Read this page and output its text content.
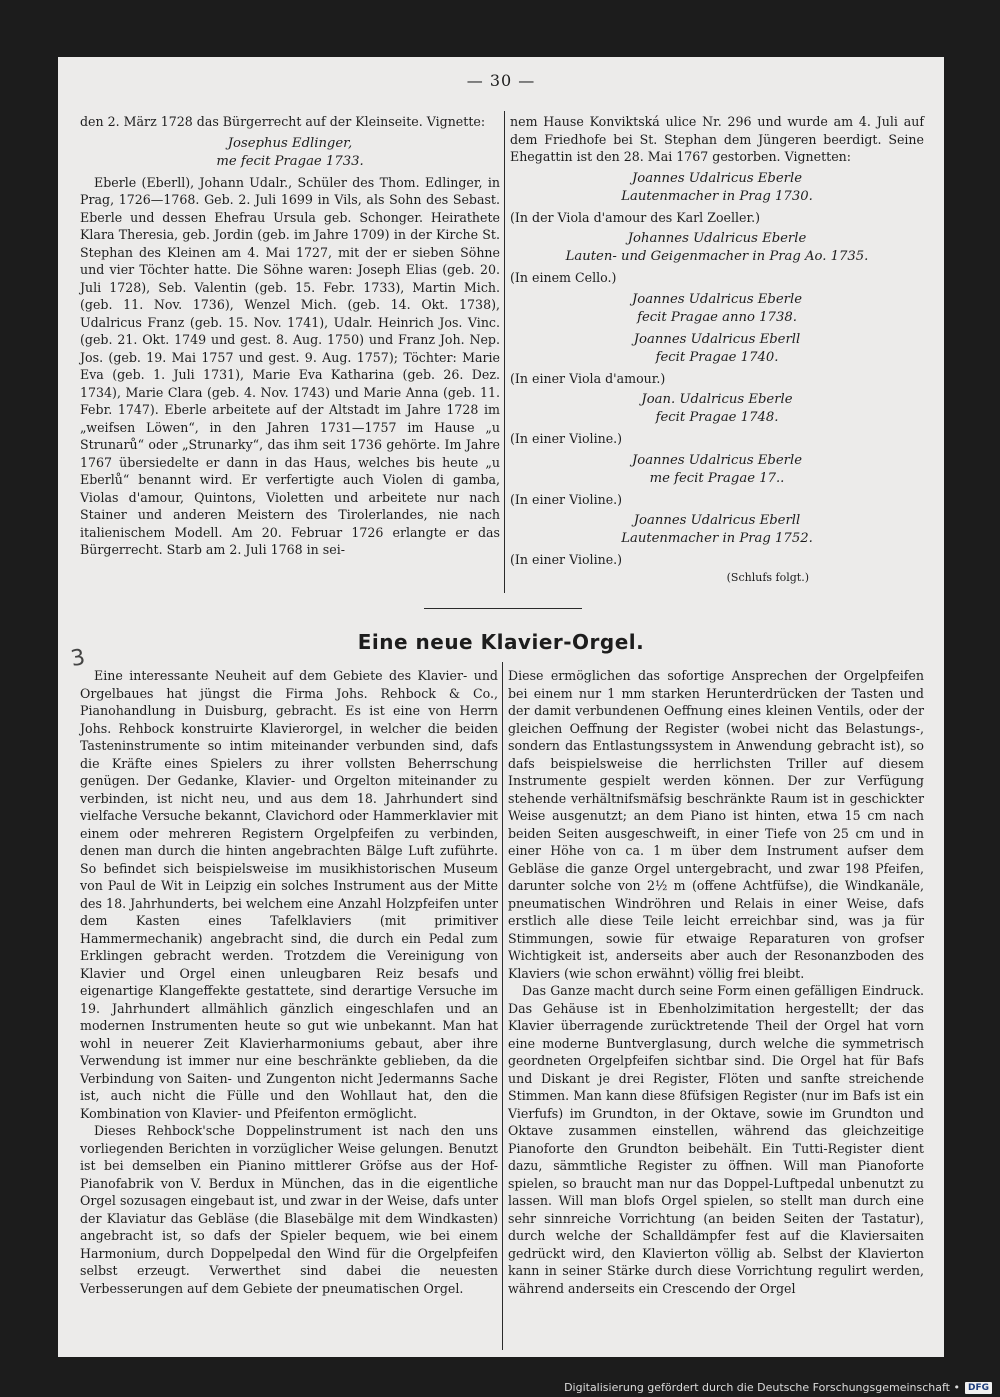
— 30 —

den 2. März 1728 das Bürgerrecht auf der Kleinseite. Vignette:

Josephus Edlinger,
me fecit Pragae 1733.

Eberle (Eberll), Johann Udalr., Schüler des Thom. Edlinger, in Prag, 1726—1768. Geb. 2. Juli 1699 in Vils, als Sohn des Sebast. Eberle und dessen Ehefrau Ursula geb. Schonger. Heirathete Klara Theresia, geb. Jordin (geb. im Jahre 1709) in der Kirche St. Stephan des Kleinen am 4. Mai 1727, mit der er sieben Söhne und vier Töchter hatte. Die Söhne waren: Joseph Elias (geb. 20. Juli 1728), Seb. Valentin (geb. 15. Febr. 1733), Martin Mich. (geb. 11. Nov. 1736), Wenzel Mich. (geb. 14. Okt. 1738), Udalricus Franz (geb. 15. Nov. 1741), Udalr. Heinrich Jos. Vinc. (geb. 21. Okt. 1749 und gest. 8. Aug. 1750) und Franz Joh. Nep. Jos. (geb. 19. Mai 1757 und gest. 9. Aug. 1757); Töchter: Marie Eva (geb. 1. Juli 1731), Marie Eva Katharina (geb. 26. Dez. 1734), Marie Clara (geb. 4. Nov. 1743) und Marie Anna (geb. 11. Febr. 1747). Eberle arbeitete auf der Altstadt im Jahre 1728 im „weifsen Löwen“, in den Jahren 1731—1757 im Hause „u Strunarů“ oder „Strunarky“, das ihm seit 1736 gehörte. Im Jahre 1767 übersiedelte er dann in das Haus, welches bis heute „u Eberlů“ benannt wird. Er verfertigte auch Violen di gamba, Violas d'amour, Quintons, Violetten und arbeitete nur nach Stainer und anderen Meistern des Tirolerlandes, nie nach italienischem Modell. Am 20. Februar 1726 erlangte er das Bürgerrecht. Starb am 2. Juli 1768 in sei-

nem Hause Konviktská ulice Nr. 296 und wurde am 4. Juli auf dem Friedhofe bei St. Stephan dem Jüngeren beerdigt. Seine Ehegattin ist den 28. Mai 1767 gestorben. Vignetten:

Joannes Udalricus Eberle
Lautenmacher in Prag 1730.

(In der Viola d'amour des Karl Zoeller.)

Johannes Udalricus Eberle
Lauten- und Geigenmacher in Prag Ao. 1735.

(In einem Cello.)

Joannes Udalricus Eberle
fecit Pragae anno 1738.
Joannes Udalricus Eberll
fecit Pragae 1740.

(In einer Viola d'amour.)

Joan. Udalricus Eberle
fecit Pragae 1748.

(In einer Violine.)

Joannes Udalricus Eberle
me fecit Pragae 17..

(In einer Violine.)

Joannes Udalricus Eberll
Lautenmacher in Prag 1752.

(In einer Violine.)

(Schlufs folgt.)

3
Eine neue Klavier-Orgel.

Eine interessante Neuheit auf dem Gebiete des Klavier- und Orgelbaues hat jüngst die Firma Johs. Rehbock & Co., Pianohandlung in Duisburg, gebracht. Es ist eine von Herrn Johs. Rehbock konstruirte Klavierorgel, in welcher die beiden Tasteninstrumente so intim miteinander verbunden sind, dafs die Kräfte eines Spielers zu ihrer vollsten Beherrschung genügen. Der Gedanke, Klavier- und Orgelton miteinander zu verbinden, ist nicht neu, und aus dem 18. Jahrhundert sind vielfache Versuche bekannt, Clavichord oder Hammerklavier mit einem oder mehreren Registern Orgelpfeifen zu verbinden, denen man durch die hinten angebrachten Bälge Luft zuführte. So befindet sich beispielsweise im musikhistorischen Museum von Paul de Wit in Leipzig ein solches Instrument aus der Mitte des 18. Jahrhunderts, bei welchem eine Anzahl Holzpfeifen unter dem Kasten eines Tafelklaviers (mit primitiver Hammermechanik) angebracht sind, die durch ein Pedal zum Erklingen gebracht werden. Trotzdem die Vereinigung von Klavier und Orgel einen unleugbaren Reiz besafs und eigenartige Klangeffekte gestattete, sind derartige Versuche im 19. Jahrhundert allmählich gänzlich eingeschlafen und an modernen Instrumenten heute so gut wie unbekannt. Man hat wohl in neuerer Zeit Klavierharmoniums gebaut, aber ihre Verwendung ist immer nur eine beschränkte geblieben, da die Verbindung von Saiten- und Zungenton nicht Jedermanns Sache ist, auch nicht die Fülle und den Wohllaut hat, den die Kombination von Klavier- und Pfeifenton ermöglicht.

Dieses Rehbock'sche Doppelinstrument ist nach den uns vorliegenden Berichten in vorzüglicher Weise gelungen. Benutzt ist bei demselben ein Pianino mittlerer Gröfse aus der Hof-Pianofabrik von V. Berdux in München, das in die eigentliche Orgel sozusagen eingebaut ist, und zwar in der Weise, dafs unter der Klaviatur das Gebläse (die Blasebälge mit dem Windkasten) angebracht ist, so dafs der Spieler bequem, wie bei einem Harmonium, durch Doppelpedal den Wind für die Orgelpfeifen selbst erzeugt. Verwerthet sind dabei die neuesten Verbesserungen auf dem Gebiete der pneumatischen Orgel.

Diese ermöglichen das sofortige Ansprechen der Orgelpfeifen bei einem nur 1 mm starken Herunterdrücken der Tasten und der damit verbundenen Oeffnung eines kleinen Ventils, oder der gleichen Oeffnung der Register (wobei nicht das Belastungs-, sondern das Entlastungssystem in Anwendung gebracht ist), so dafs beispielsweise die herrlichsten Triller auf diesem Instrumente gespielt werden können. Der zur Verfügung stehende verhältnifsmäfsig beschränkte Raum ist in geschickter Weise ausgenutzt; an dem Piano ist hinten, etwa 15 cm nach beiden Seiten ausgeschweift, in einer Tiefe von 25 cm und in einer Höhe von ca. 1 m über dem Instrument aufser dem Gebläse die ganze Orgel untergebracht, und zwar 198 Pfeifen, darunter solche von 2½ m (offene Achtfüfse), die Windkanäle, pneumatischen Windröhren und Relais in einer Weise, dafs erstlich alle diese Teile leicht erreichbar sind, was ja für Stimmungen, sowie für etwaige Reparaturen von grofser Wichtigkeit ist, anderseits aber auch der Resonanzboden des Klaviers (wie schon erwähnt) völlig frei bleibt.

Das Ganze macht durch seine Form einen gefälligen Eindruck. Das Gehäuse ist in Ebenholzimitation hergestellt; der das Klavier überragende zurücktretende Theil der Orgel hat vorn eine moderne Buntverglasung, durch welche die symmetrisch geordneten Orgelpfeifen sichtbar sind. Die Orgel hat für Bafs und Diskant je drei Register, Flöten und sanfte streichende Stimmen. Man kann diese 8füfsigen Register (nur im Bafs ist ein Vierfufs) im Grundton, in der Oktave, sowie im Grundton und Oktave zusammen einstellen, während das gleichzeitige Pianoforte den Grundton beibehält. Ein Tutti-Register dient dazu, sämmtliche Register zu öffnen. Will man Pianoforte spielen, so braucht man nur das Doppel-Luftpedal unbenutzt zu lassen. Will man blofs Orgel spielen, so stellt man durch eine sehr sinnreiche Vorrichtung (an beiden Seiten der Tastatur), durch welche der Schalldämpfer fest auf die Klaviersaiten gedrückt wird, den Klavierton völlig ab. Selbst der Klavierton kann in seiner Stärke durch diese Vorrichtung regulirt werden, während anderseits ein Crescendo der Orgel

Digitalisierung gefördert durch die Deutsche Forschungsgemeinschaft • DFG
